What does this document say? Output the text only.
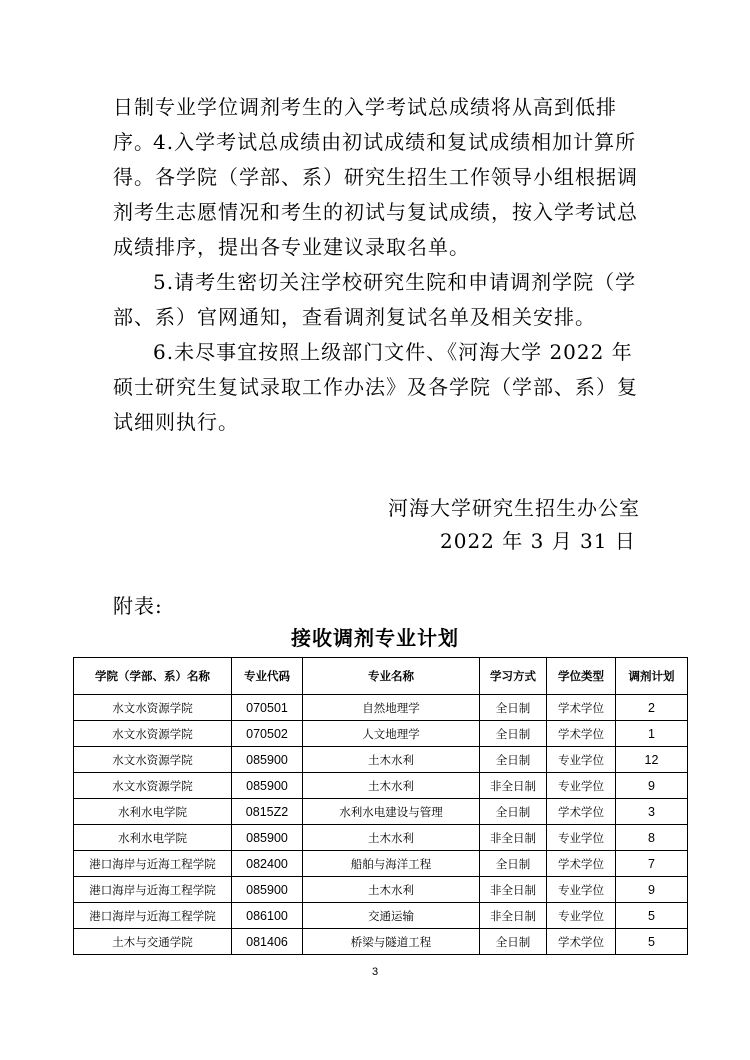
日制专业学位调剂考生的入学考试总成绩将从高到低排序。

4.入学考试总成绩由初试成绩和复试成绩相加计算所得。各学院（学部、系）研究生招生工作领导小组根据调剂考生志愿情况和考生的初试与复试成绩，按入学考试总成绩排序，提出各专业建议录取名单。

5.请考生密切关注学校研究生院和申请调剂学院（学部、系）官网通知，查看调剂复试名单及相关安排。

6.未尽事宜按照上级部门文件、《河海大学 2022 年硕士研究生复试录取工作办法》及各学院（学部、系）复试细则执行。

河海大学研究生招生办公室
2022 年 3 月 31 日
附表:
接收调剂专业计划
学院（学部、系）名称	专业代码	专业名称	学习方式	学位类型	调剂计划
水文水资源学院	070501	自然地理学	全日制	学术学位	2
水文水资源学院	070502	人文地理学	全日制	学术学位	1
水文水资源学院	085900	土木水利	全日制	专业学位	12
水文水资源学院	085900	土木水利	非全日制	专业学位	9
水利水电学院	0815Z2	水利水电建设与管理	全日制	学术学位	3
水利水电学院	085900	土木水利	非全日制	专业学位	8
港口海岸与近海工程学院	082400	船舶与海洋工程	全日制	学术学位	7
港口海岸与近海工程学院	085900	土木水利	非全日制	专业学位	9
港口海岸与近海工程学院	086100	交通运输	非全日制	专业学位	5
土木与交通学院	081406	桥梁与隧道工程	全日制	学术学位	5
3
